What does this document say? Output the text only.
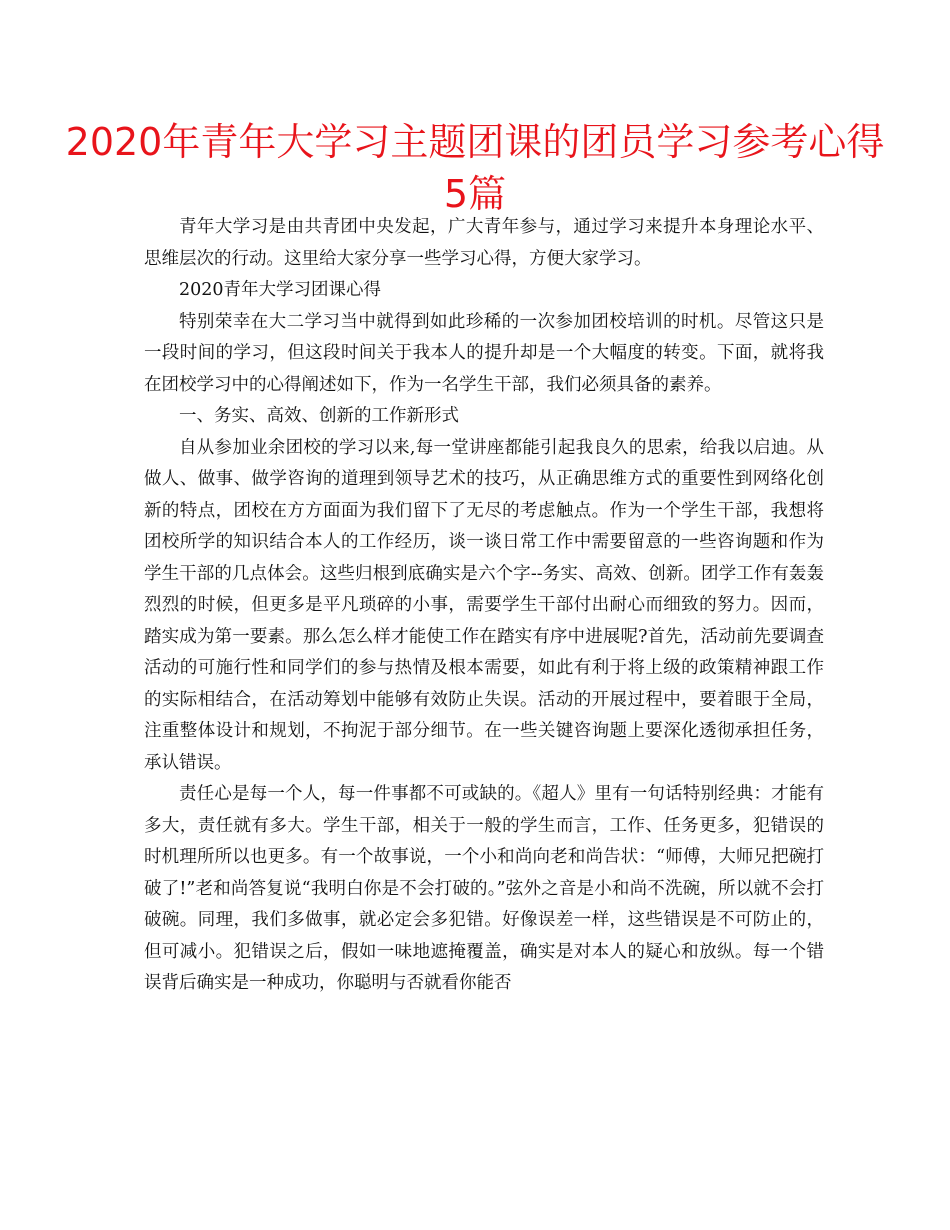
2020年青年大学习主题团课的团员学习参考心得5篇

青年大学习是由共青团中央发起，广大青年参与，通过学习来提升本身理论水平、思维层次的行动。这里给大家分享一些学习心得，方便大家学习。

2020青年大学习团课心得

特别荣幸在大二学习当中就得到如此珍稀的一次参加团校培训的时机。尽管这只是一段时间的学习，但这段时间关于我本人的提升却是一个大幅度的转变。下面，就将我在团校学习中的心得阐述如下，作为一名学生干部，我们必须具备的素养。

一、务实、高效、创新的工作新形式

自从参加业余团校的学习以来,每一堂讲座都能引起我良久的思索，给我以启迪。从做人、做事、做学咨询的道理到领导艺术的技巧，从正确思维方式的重要性到网络化创新的特点，团校在方方面面为我们留下了无尽的考虑触点。作为一个学生干部，我想将团校所学的知识结合本人的工作经历，谈一谈日常工作中需要留意的一些咨询题和作为学生干部的几点体会。这些归根到底确实是六个字--务实、高效、创新。团学工作有轰轰烈烈的时候，但更多是平凡琐碎的小事，需要学生干部付出耐心而细致的努力。因而，踏实成为第一要素。那么怎么样才能使工作在踏实有序中进展呢?首先，活动前先要调查活动的可施行性和同学们的参与热情及根本需要，如此有利于将上级的政策精神跟工作的实际相结合，在活动筹划中能够有效防止失误。活动的开展过程中，要着眼于全局，注重整体设计和规划，不拘泥于部分细节。在一些关键咨询题上要深化透彻承担任务，承认错误。

责任心是每一个人，每一件事都不可或缺的。《超人》里有一句话特别经典：才能有多大，责任就有多大。学生干部，相关于一般的学生而言，工作、任务更多，犯错误的时机理所所以也更多。有一个故事说，一个小和尚向老和尚告状：“师傅，大师兄把碗打破了!”老和尚答复说“我明白你是不会打破的。”弦外之音是小和尚不洗碗，所以就不会打破碗。同理，我们多做事，就必定会多犯错。好像误差一样，这些错误是不可防止的，但可减小。犯错误之后，假如一味地遮掩覆盖，确实是对本人的疑心和放纵。每一个错误背后确实是一种成功，你聪明与否就看你能否
